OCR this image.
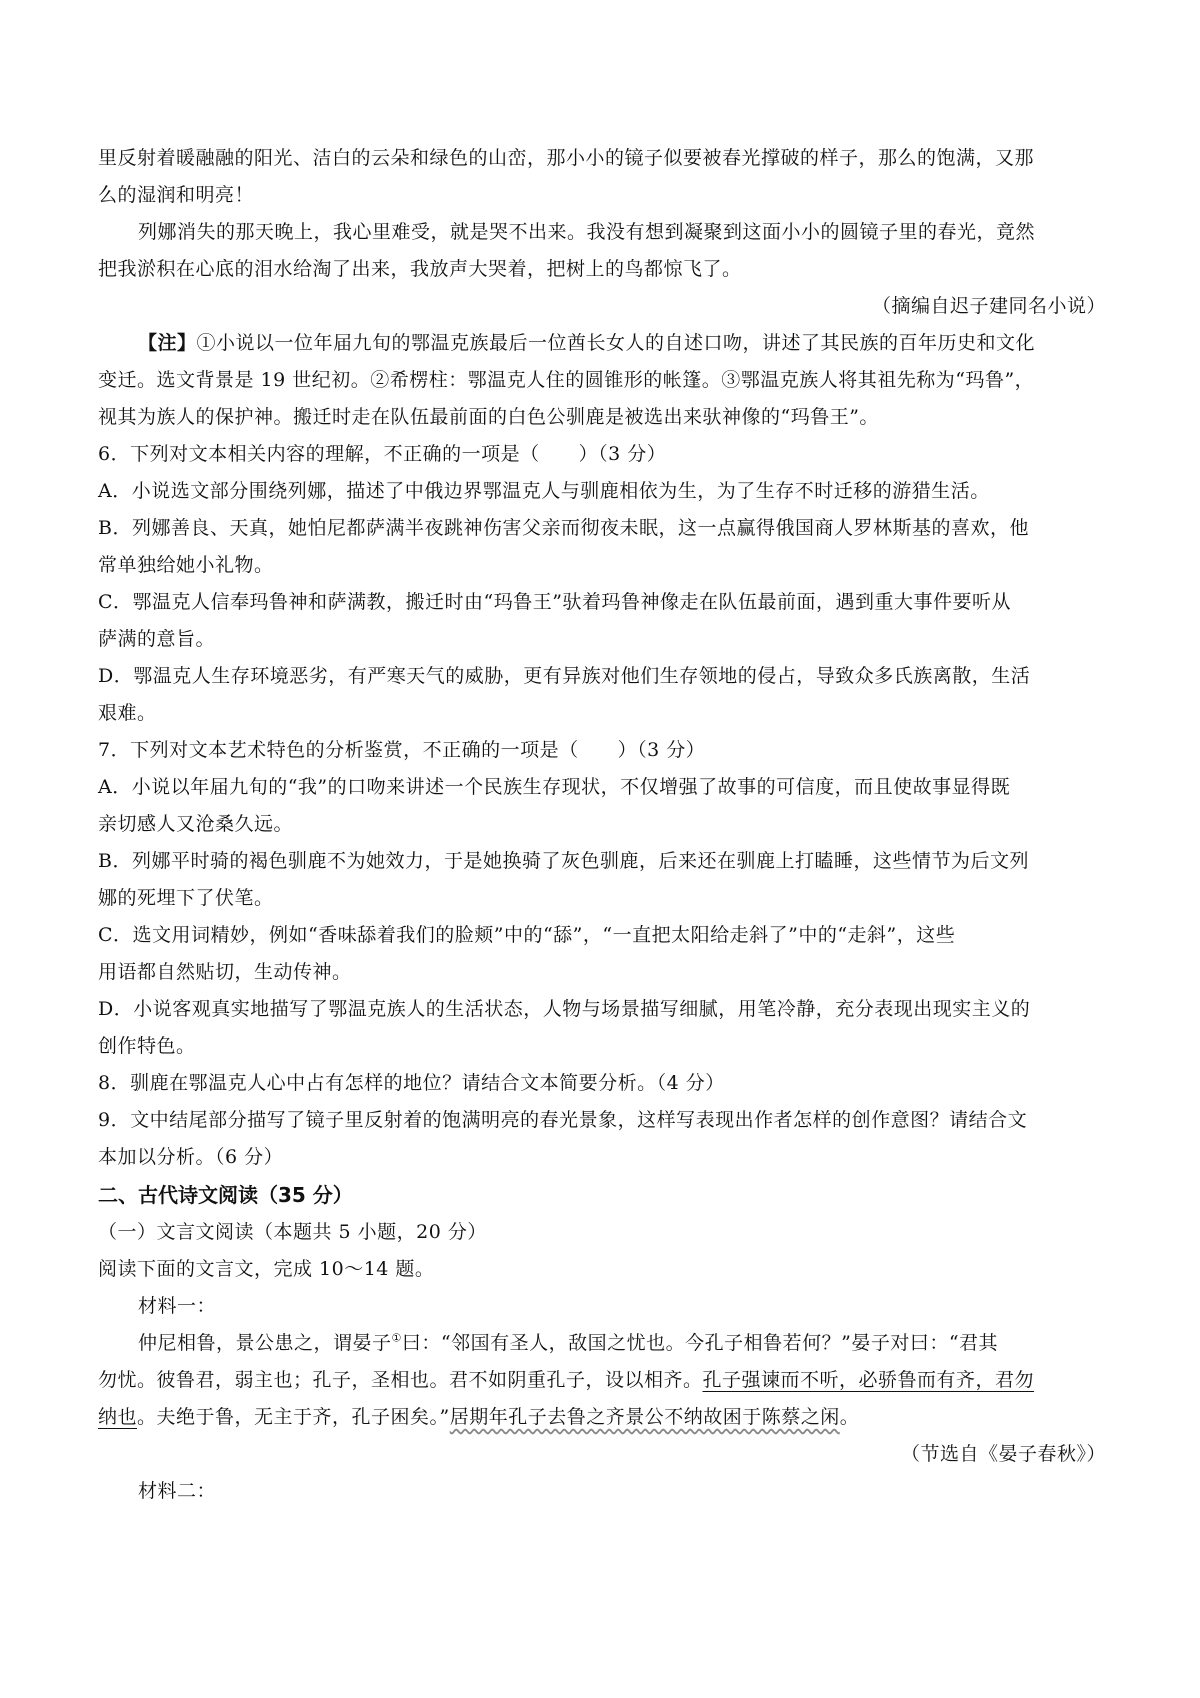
里反射着暖融融的阳光、洁白的云朵和绿色的山峦，那小小的镜子似要被春光撑破的样子，那么的饱满，又那
么的湿润和明亮！
列娜消失的那天晚上，我心里难受，就是哭不出来。我没有想到凝聚到这面小小的圆镜子里的春光，竟然
把我淤积在心底的泪水给淘了出来，我放声大哭着，把树上的鸟都惊飞了。
（摘编自迟子建同名小说）
【注】①小说以一位年届九旬的鄂温克族最后一位酋长女人的自述口吻，讲述了其民族的百年历史和文化
变迁。选文背景是 19 世纪初。②希楞柱：鄂温克人住的圆锥形的帐篷。③鄂温克族人将其祖先称为“玛鲁”，
视其为族人的保护神。搬迁时走在队伍最前面的白色公驯鹿是被选出来驮神像的“玛鲁王”。
6．下列对文本相关内容的理解，不正确的一项是（　　）（3 分）
A．小说选文部分围绕列娜，描述了中俄边界鄂温克人与驯鹿相依为生，为了生存不时迁移的游猎生活。
B．列娜善良、天真，她怕尼都萨满半夜跳神伤害父亲而彻夜未眠，这一点赢得俄国商人罗林斯基的喜欢，他
常单独给她小礼物。
C．鄂温克人信奉玛鲁神和萨满教，搬迁时由“玛鲁王”驮着玛鲁神像走在队伍最前面，遇到重大事件要听从
萨满的意旨。
D．鄂温克人生存环境恶劣，有严寒天气的威胁，更有异族对他们生存领地的侵占，导致众多氏族离散，生活
艰难。
7．下列对文本艺术特色的分析鉴赏，不正确的一项是（　　）（3 分）
A．小说以年届九旬的“我”的口吻来讲述一个民族生存现状，不仅增强了故事的可信度，而且使故事显得既
亲切感人又沧桑久远。
B．列娜平时骑的褐色驯鹿不为她效力，于是她换骑了灰色驯鹿，后来还在驯鹿上打瞌睡，这些情节为后文列
娜的死埋下了伏笔。
C．选文用词精妙，例如“香味舔着我们的脸颊”中的“舔”，“一直把太阳给走斜了”中的“走斜”，这些
用语都自然贴切，生动传神。
D．小说客观真实地描写了鄂温克族人的生活状态，人物与场景描写细腻，用笔冷静，充分表现出现实主义的
创作特色。
8．驯鹿在鄂温克人心中占有怎样的地位？请结合文本简要分析。（4 分）
9．文中结尾部分描写了镜子里反射着的饱满明亮的春光景象，这样写表现出作者怎样的创作意图？请结合文
本加以分析。（6 分）
二、古代诗文阅读（35 分）
（一）文言文阅读（本题共 5 小题，20 分）
阅读下面的文言文，完成 10～14 题。
材料一：
仲尼相鲁，景公患之，谓晏子①曰：“邻国有圣人，敌国之忧也。今孔子相鲁若何？”晏子对曰：“君其
勿忧。彼鲁君，弱主也；孔子，圣相也。君不如阴重孔子，设以相齐。孔子强谏而不听，必骄鲁而有齐，君勿
纳也。夫绝于鲁，无主于齐，孔子困矣。”居期年孔子去鲁之齐景公不纳故困于陈蔡之闲。
（节选自《晏子春秋》）
材料二：
